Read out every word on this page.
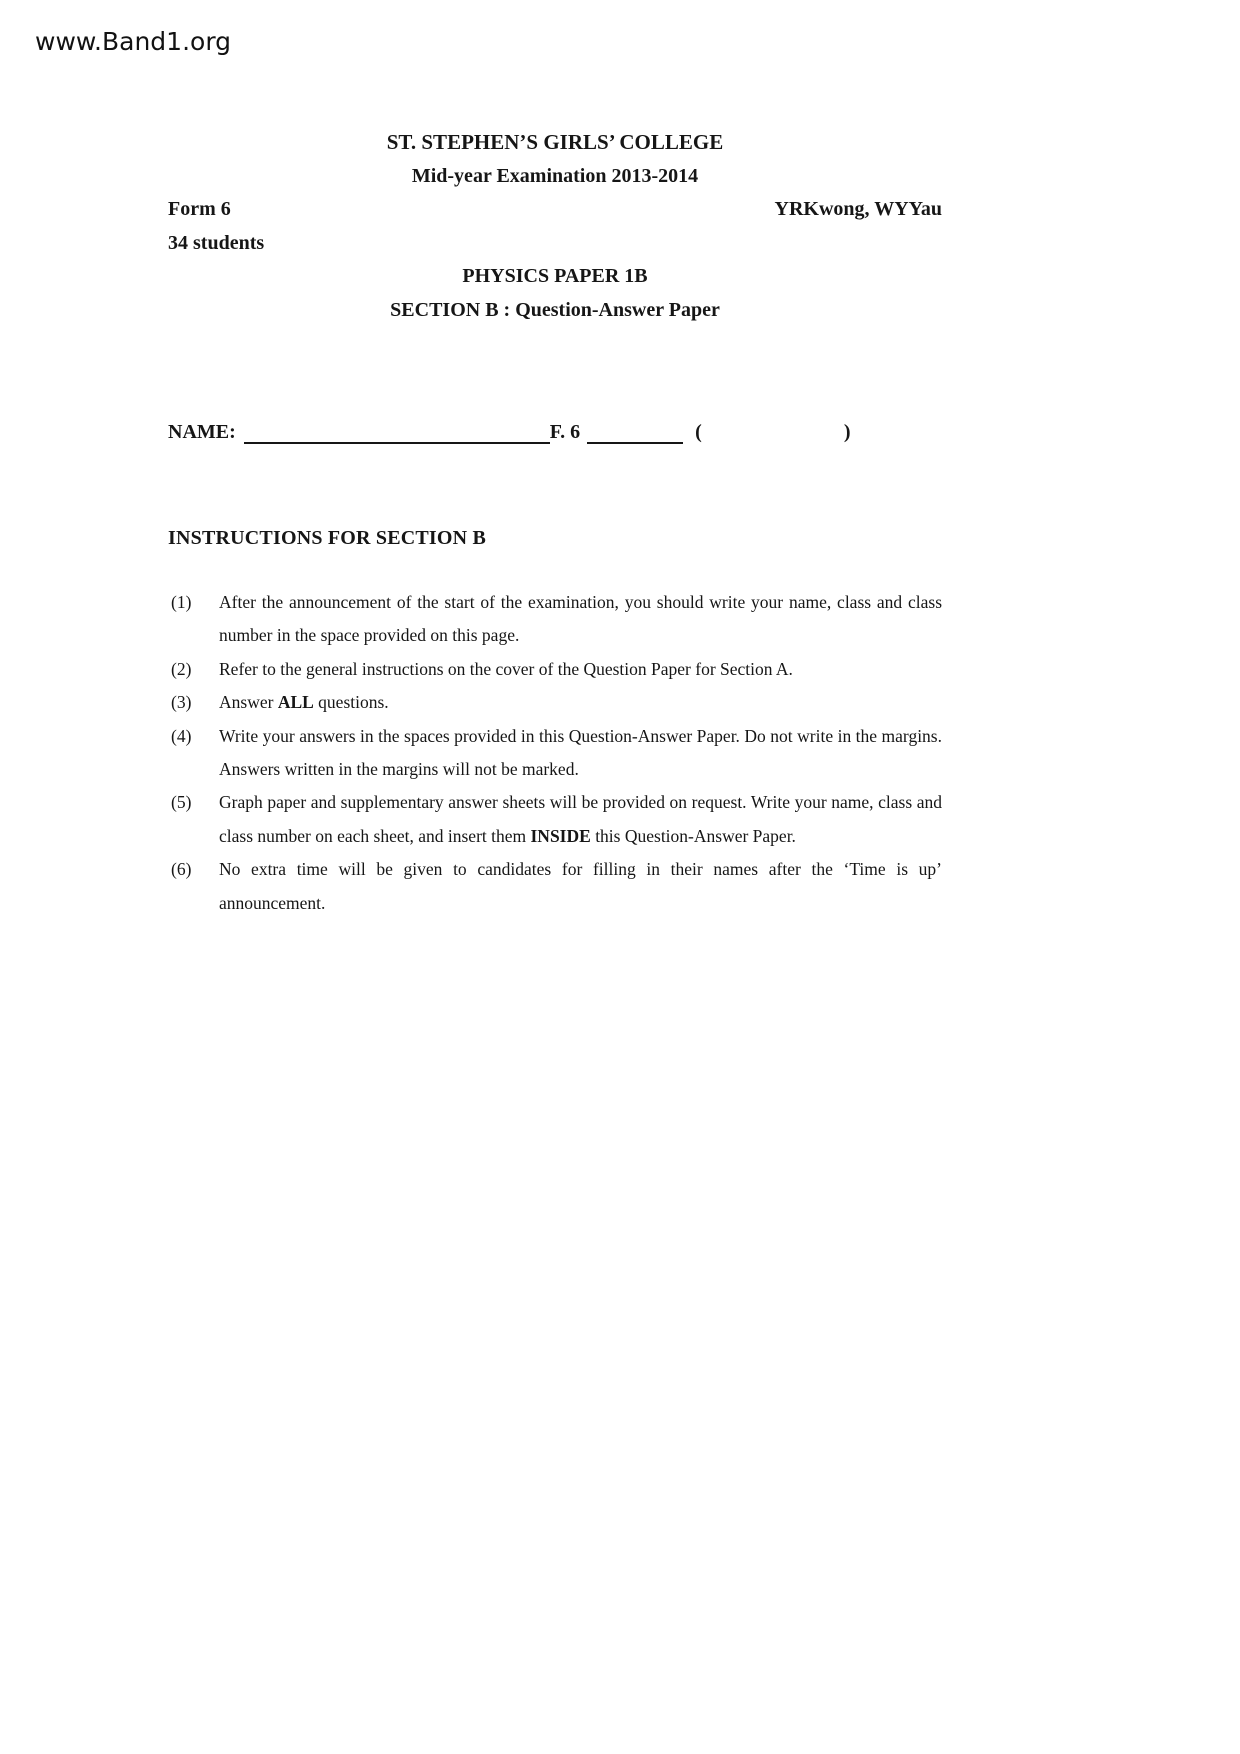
www.Band1.org
ST. STEPHEN’S GIRLS’ COLLEGE
Mid-year Examination 2013-2014
Form 6	YRKwong, WYYau
34 students
PHYSICS PAPER 1B
SECTION B : Question-Answer Paper
NAME:	F. 6	(	)
INSTRUCTIONS FOR SECTION B
(1)	After the announcement of the start of the examination, you should write your name, class and class number in the space provided on this page.
(2)	Refer to the general instructions on the cover of the Question Paper for Section A.
(3)	Answer ALL questions.
(4)	Write your answers in the spaces provided in this Question-Answer Paper. Do not write in the margins. Answers written in the margins will not be marked.
(5)	Graph paper and supplementary answer sheets will be provided on request. Write your name, class and class number on each sheet, and insert them INSIDE this Question-Answer Paper.
(6)	No extra time will be given to candidates for filling in their names after the ‘Time is up’ announcement.
